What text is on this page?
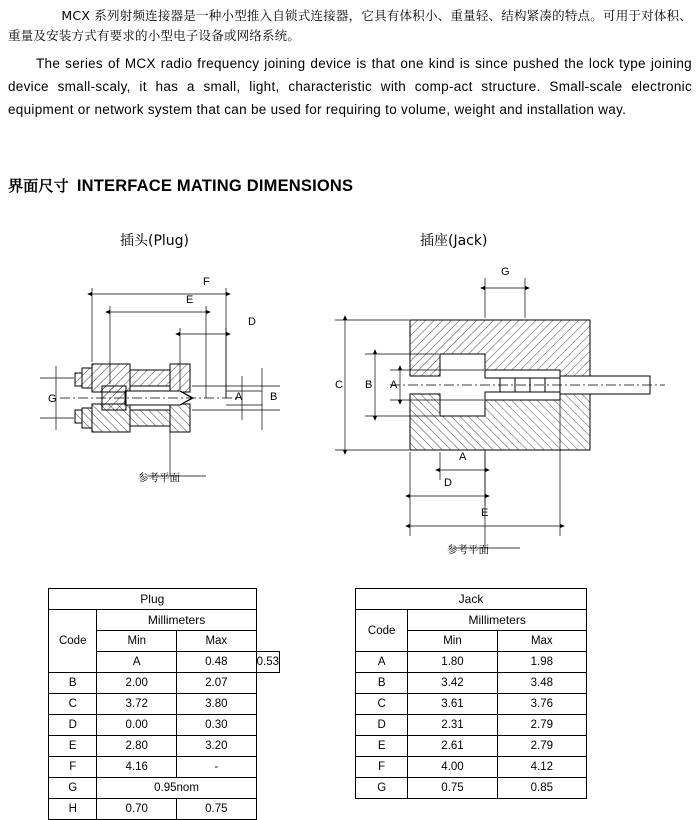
　　MCX 系列射频连接器是一种小型推入自锁式连接器，它具有体积小、重量轻、结构紧凑的特点。可用于对体积、重量及安装方式有要求的小型电子设备或网络系统。

The series of MCX radio frequency joining device is that one kind is since pushed the lock type joining device small-scaly, it has a small, light, characteristic with comp-act structure. Small-scale electronic equipment or network system that can be used for requiring to volume, weight and installation way.

界面尺寸 INTERFACE MATING DIMENSIONS
插头(Plug)	插座(Jack)
A	B
G
F
E
D
参考平面
C B A
G
A
D
E
参考平面
Plug			
Code	Millimeters		
	Min	Max	
	A	0.48	0.53
B	2.00	2.07	
C	3.72	3.80	
D	0.00	0.30	
E	2.80	3.20	
F	4.16	-	
G	0.95nom		
H	0.70	0.75	
Jack		
Code	Millimeters	
	Min	Max
A	1.80	1.98
B	3.42	3.48
C	3.61	3.76
D	2.31	2.79
E	2.61	2.79
F	4.00	4.12
G	0.75	0.85
